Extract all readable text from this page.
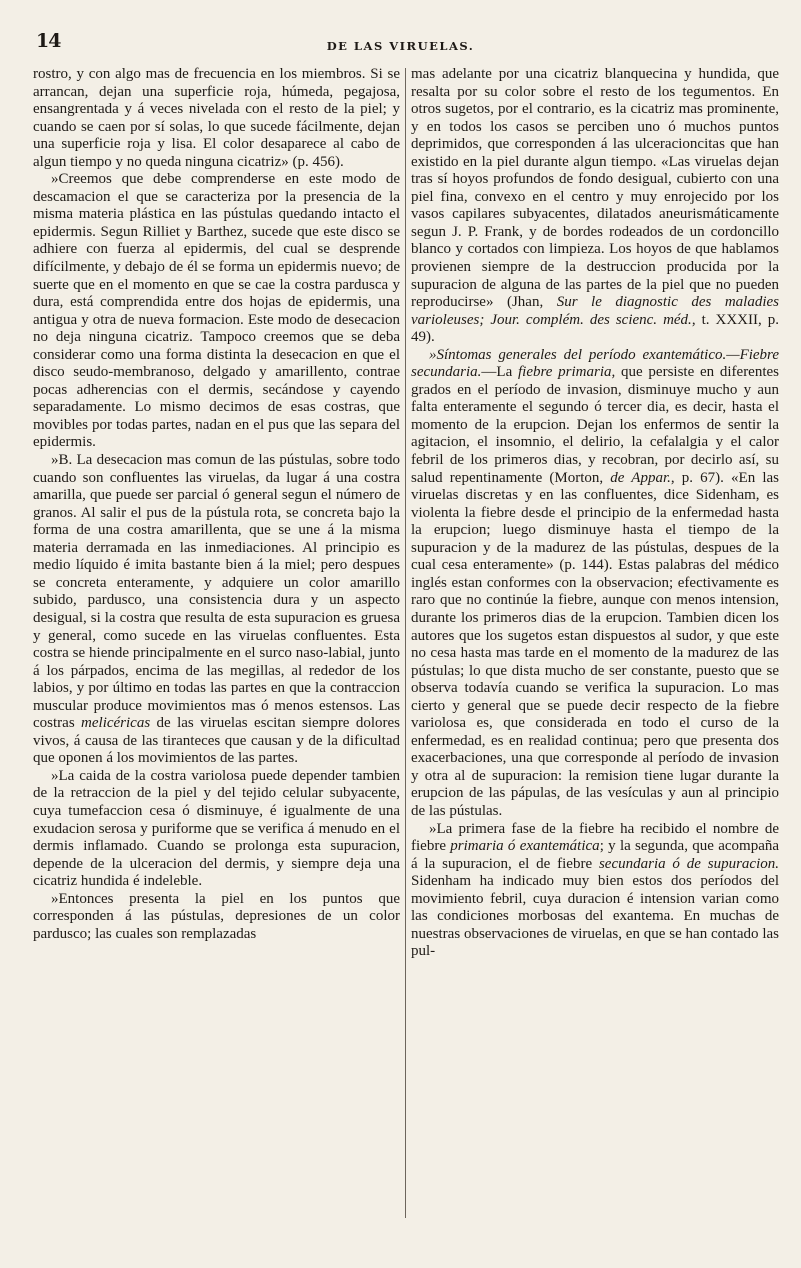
14	DE LAS VIRUELAS.

rostro, y con algo mas de frecuencia en los miembros. Si se arrancan, dejan una superficie roja, húmeda, pegajosa, ensangrentada y á veces nivelada con el resto de la piel; y cuando se caen por sí solas, lo que sucede fácilmente, dejan una superficie roja y lisa. El color desaparece al cabo de algun tiempo y no queda ninguna cicatriz» (p. 456).

»Creemos que debe comprenderse en este modo de descamacion el que se caracteriza por la presencia de la misma materia plástica en las pústulas quedando intacto el epidermis. Segun Rilliet y Barthez, sucede que este disco se adhiere con fuerza al epidermis, del cual se desprende difícilmente, y debajo de él se forma un epidermis nuevo; de suerte que en el momento en que se cae la costra pardusca y dura, está comprendida entre dos hojas de epidermis, una antigua y otra de nueva formacion. Este modo de desecacion no deja ninguna cicatriz. Tampoco creemos que se deba considerar como una forma distinta la desecacion en que el disco seudo-membranoso, delgado y amarillento, contrae pocas adherencias con el dermis, secándose y cayendo separadamente. Lo mismo decimos de esas costras, que movibles por todas partes, nadan en el pus que las separa del epidermis.

»B. La desecacion mas comun de las pústulas, sobre todo cuando son confluentes las viruelas, da lugar á una costra amarilla, que puede ser parcial ó general segun el número de granos. Al salir el pus de la pústula rota, se concreta bajo la forma de una costra amarillenta, que se une á la misma materia derramada en las inmediaciones. Al principio es medio líquido é imita bastante bien á la miel; pero despues se concreta enteramente, y adquiere un color amarillo subido, pardusco, una consistencia dura y un aspecto desigual, si la costra que resulta de esta supuracion es gruesa y general, como sucede en las viruelas confluentes. Esta costra se hiende principalmente en el surco naso-labial, junto á los párpados, encima de las megillas, al rededor de los labios, y por último en todas las partes en que la contraccion muscular produce movimientos mas ó menos estensos. Las costras melicéricas de las viruelas escitan siempre dolores vivos, á causa de las tiranteces que causan y de la dificultad que oponen á los movimientos de las partes.

»La caida de la costra variolosa puede depender tambien de la retraccion de la piel y del tejido celular subyacente, cuya tumefaccion cesa ó disminuye, é igualmente de una exudacion serosa y puriforme que se verifica á menudo en el dermis inflamado. Cuando se prolonga esta supuracion, depende de la ulceracion del dermis, y siempre deja una cicatriz hundida é indeleble.

»Entonces presenta la piel en los puntos que corresponden á las pústulas, depresiones de un color pardusco; las cuales son remplazadas

mas adelante por una cicatriz blanquecina y hundida, que resalta por su color sobre el resto de los tegumentos. En otros sugetos, por el contrario, es la cicatriz mas prominente, y en todos los casos se perciben uno ó muchos puntos deprimidos, que corresponden á las ulceracioncitas que han existido en la piel durante algun tiempo. «Las viruelas dejan tras sí hoyos profundos de fondo desigual, cubierto con una piel fina, convexo en el centro y muy enrojecido por los vasos capilares subyacentes, dilatados aneurismáticamente segun J. P. Frank, y de bordes rodeados de un cordoncillo blanco y cortados con limpieza. Los hoyos de que hablamos provienen siempre de la destruccion producida por la supuracion de alguna de las partes de la piel que no pueden reproducirse» (Jhan, Sur le diagnostic des maladies varioleuses; Jour. complém. des scienc. méd., t. XXXII, p. 49).

»Síntomas generales del período exantemático.—Fiebre secundaria.—La fiebre primaria, que persiste en diferentes grados en el período de invasion, disminuye mucho y aun falta enteramente el segundo ó tercer dia, es decir, hasta el momento de la erupcion. Dejan los enfermos de sentir la agitacion, el insomnio, el delirio, la cefalalgia y el calor febril de los primeros dias, y recobran, por decirlo así, su salud repentinamente (Morton, de Appar., p. 67). «En las viruelas discretas y en las confluentes, dice Sidenham, es violenta la fiebre desde el principio de la enfermedad hasta la erupcion; luego disminuye hasta el tiempo de la supuracion y de la madurez de las pústulas, despues de la cual cesa enteramente» (p. 144). Estas palabras del médico inglés estan conformes con la observacion; efectivamente es raro que no continúe la fiebre, aunque con menos intension, durante los primeros dias de la erupcion. Tambien dicen los autores que los sugetos estan dispuestos al sudor, y que este no cesa hasta mas tarde en el momento de la madurez de las pústulas; lo que dista mucho de ser constante, puesto que se observa todavía cuando se verifica la supuracion. Lo mas cierto y general que se puede decir respecto de la fiebre variolosa es, que considerada en todo el curso de la enfermedad, es en realidad continua; pero que presenta dos exacerbaciones, una que corresponde al período de invasion y otra al de supuracion: la remision tiene lugar durante la erupcion de las pápulas, de las vesículas y aun al principio de las pústulas.

»La primera fase de la fiebre ha recibido el nombre de fiebre primaria ó exantemática; y la segunda, que acompaña á la supuracion, el de fiebre secundaria ó de supuracion. Sidenham ha indicado muy bien estos dos períodos del movimiento febril, cuya duracion é intension varian como las condiciones morbosas del exantema. En muchas de nuestras observaciones de viruelas, en que se han contado las pul-
